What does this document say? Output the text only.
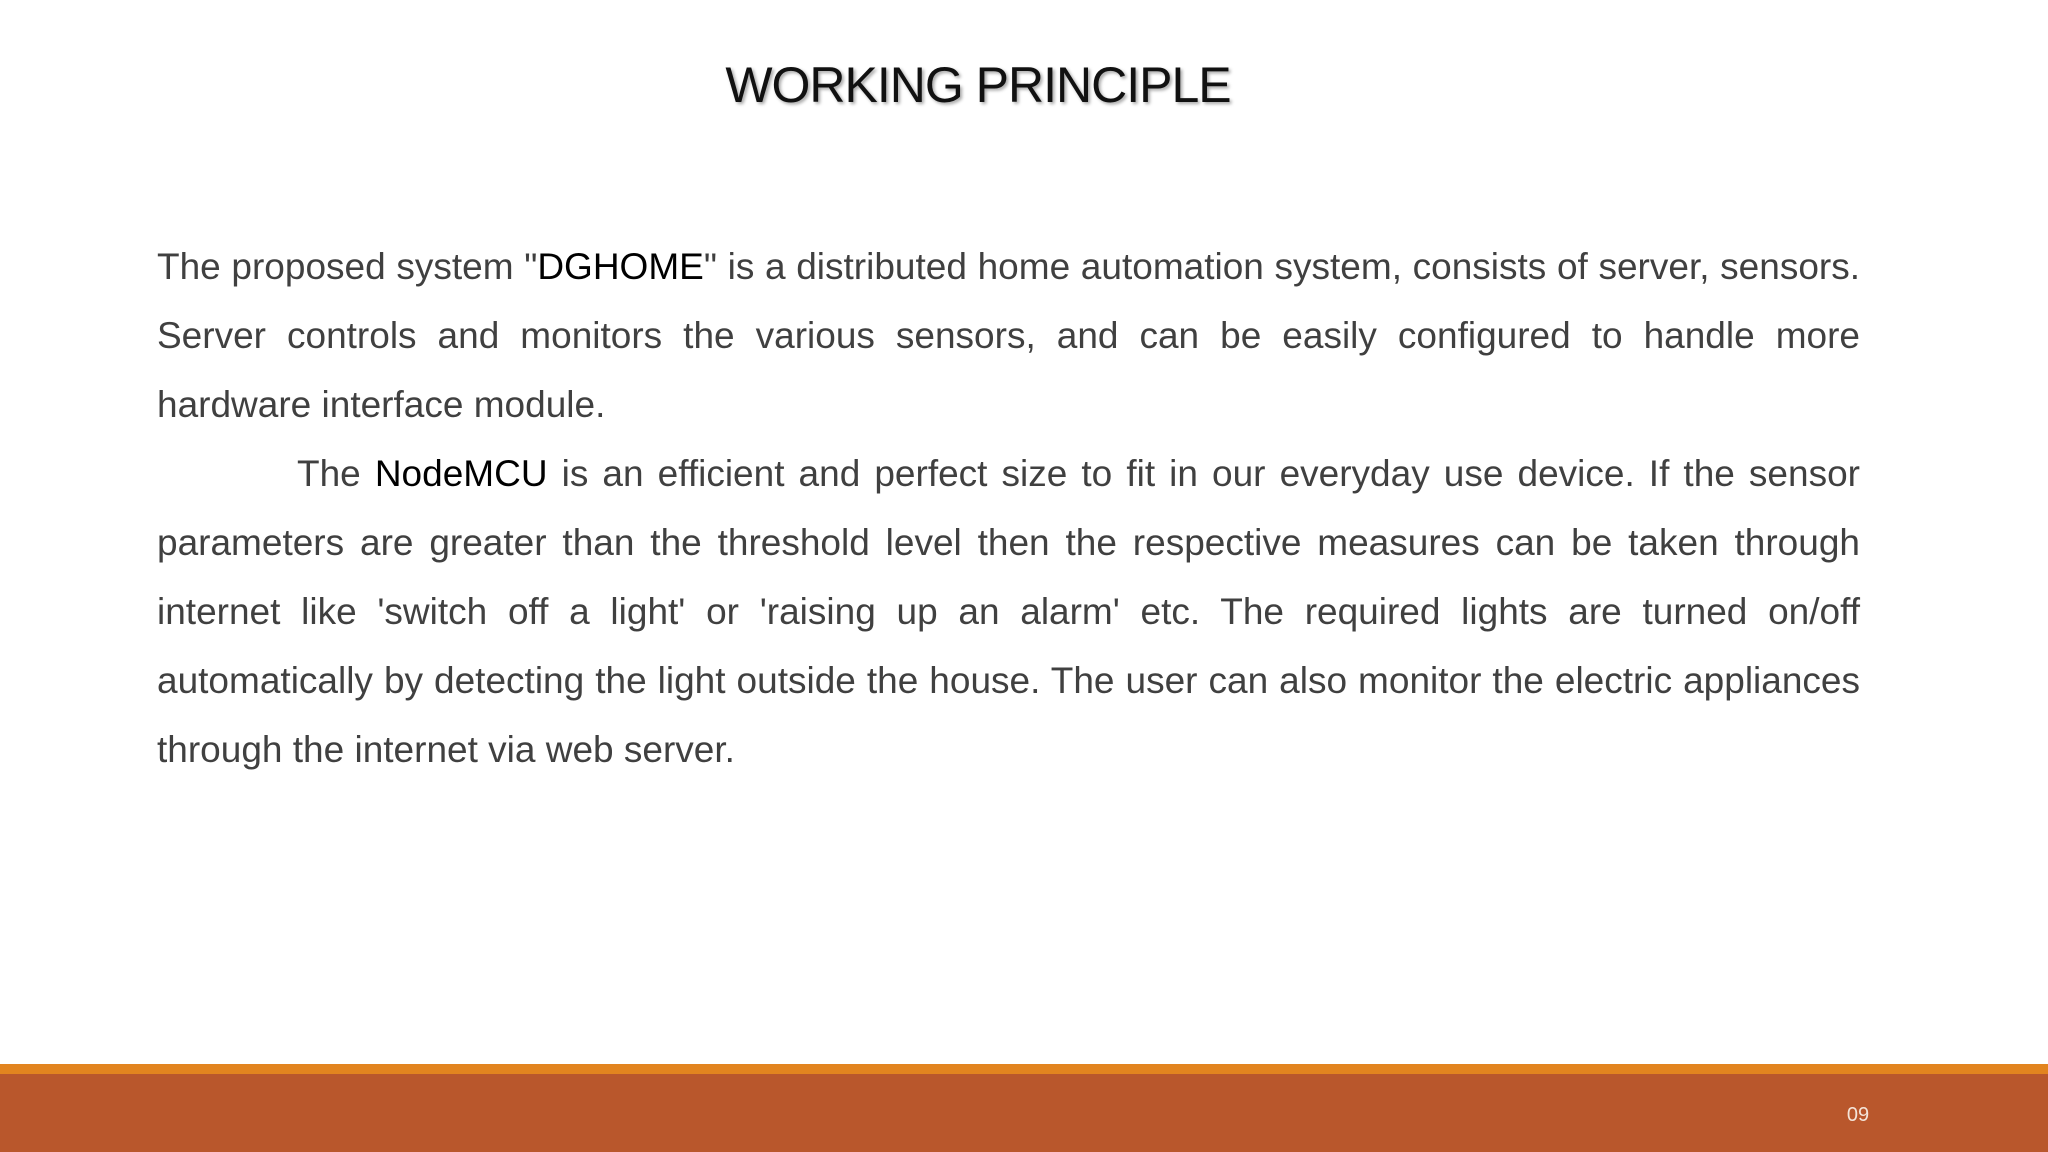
WORKING PRINCIPLE

The proposed system "DGHOME" is a distributed home automation system, consists of server, sensors. Server controls and monitors the various sensors, and can be easily configured to handle more hardware interface module.

The NodeMCU is an efficient and perfect size to fit in our everyday use device. If the sensor parameters are greater than the threshold level then the respective measures can be taken through internet like 'switch off a light' or 'raising up an alarm' etc. The required lights are turned on/off automatically by detecting the light outside the house. The user can also monitor the electric appliances through the internet via web server.

09
